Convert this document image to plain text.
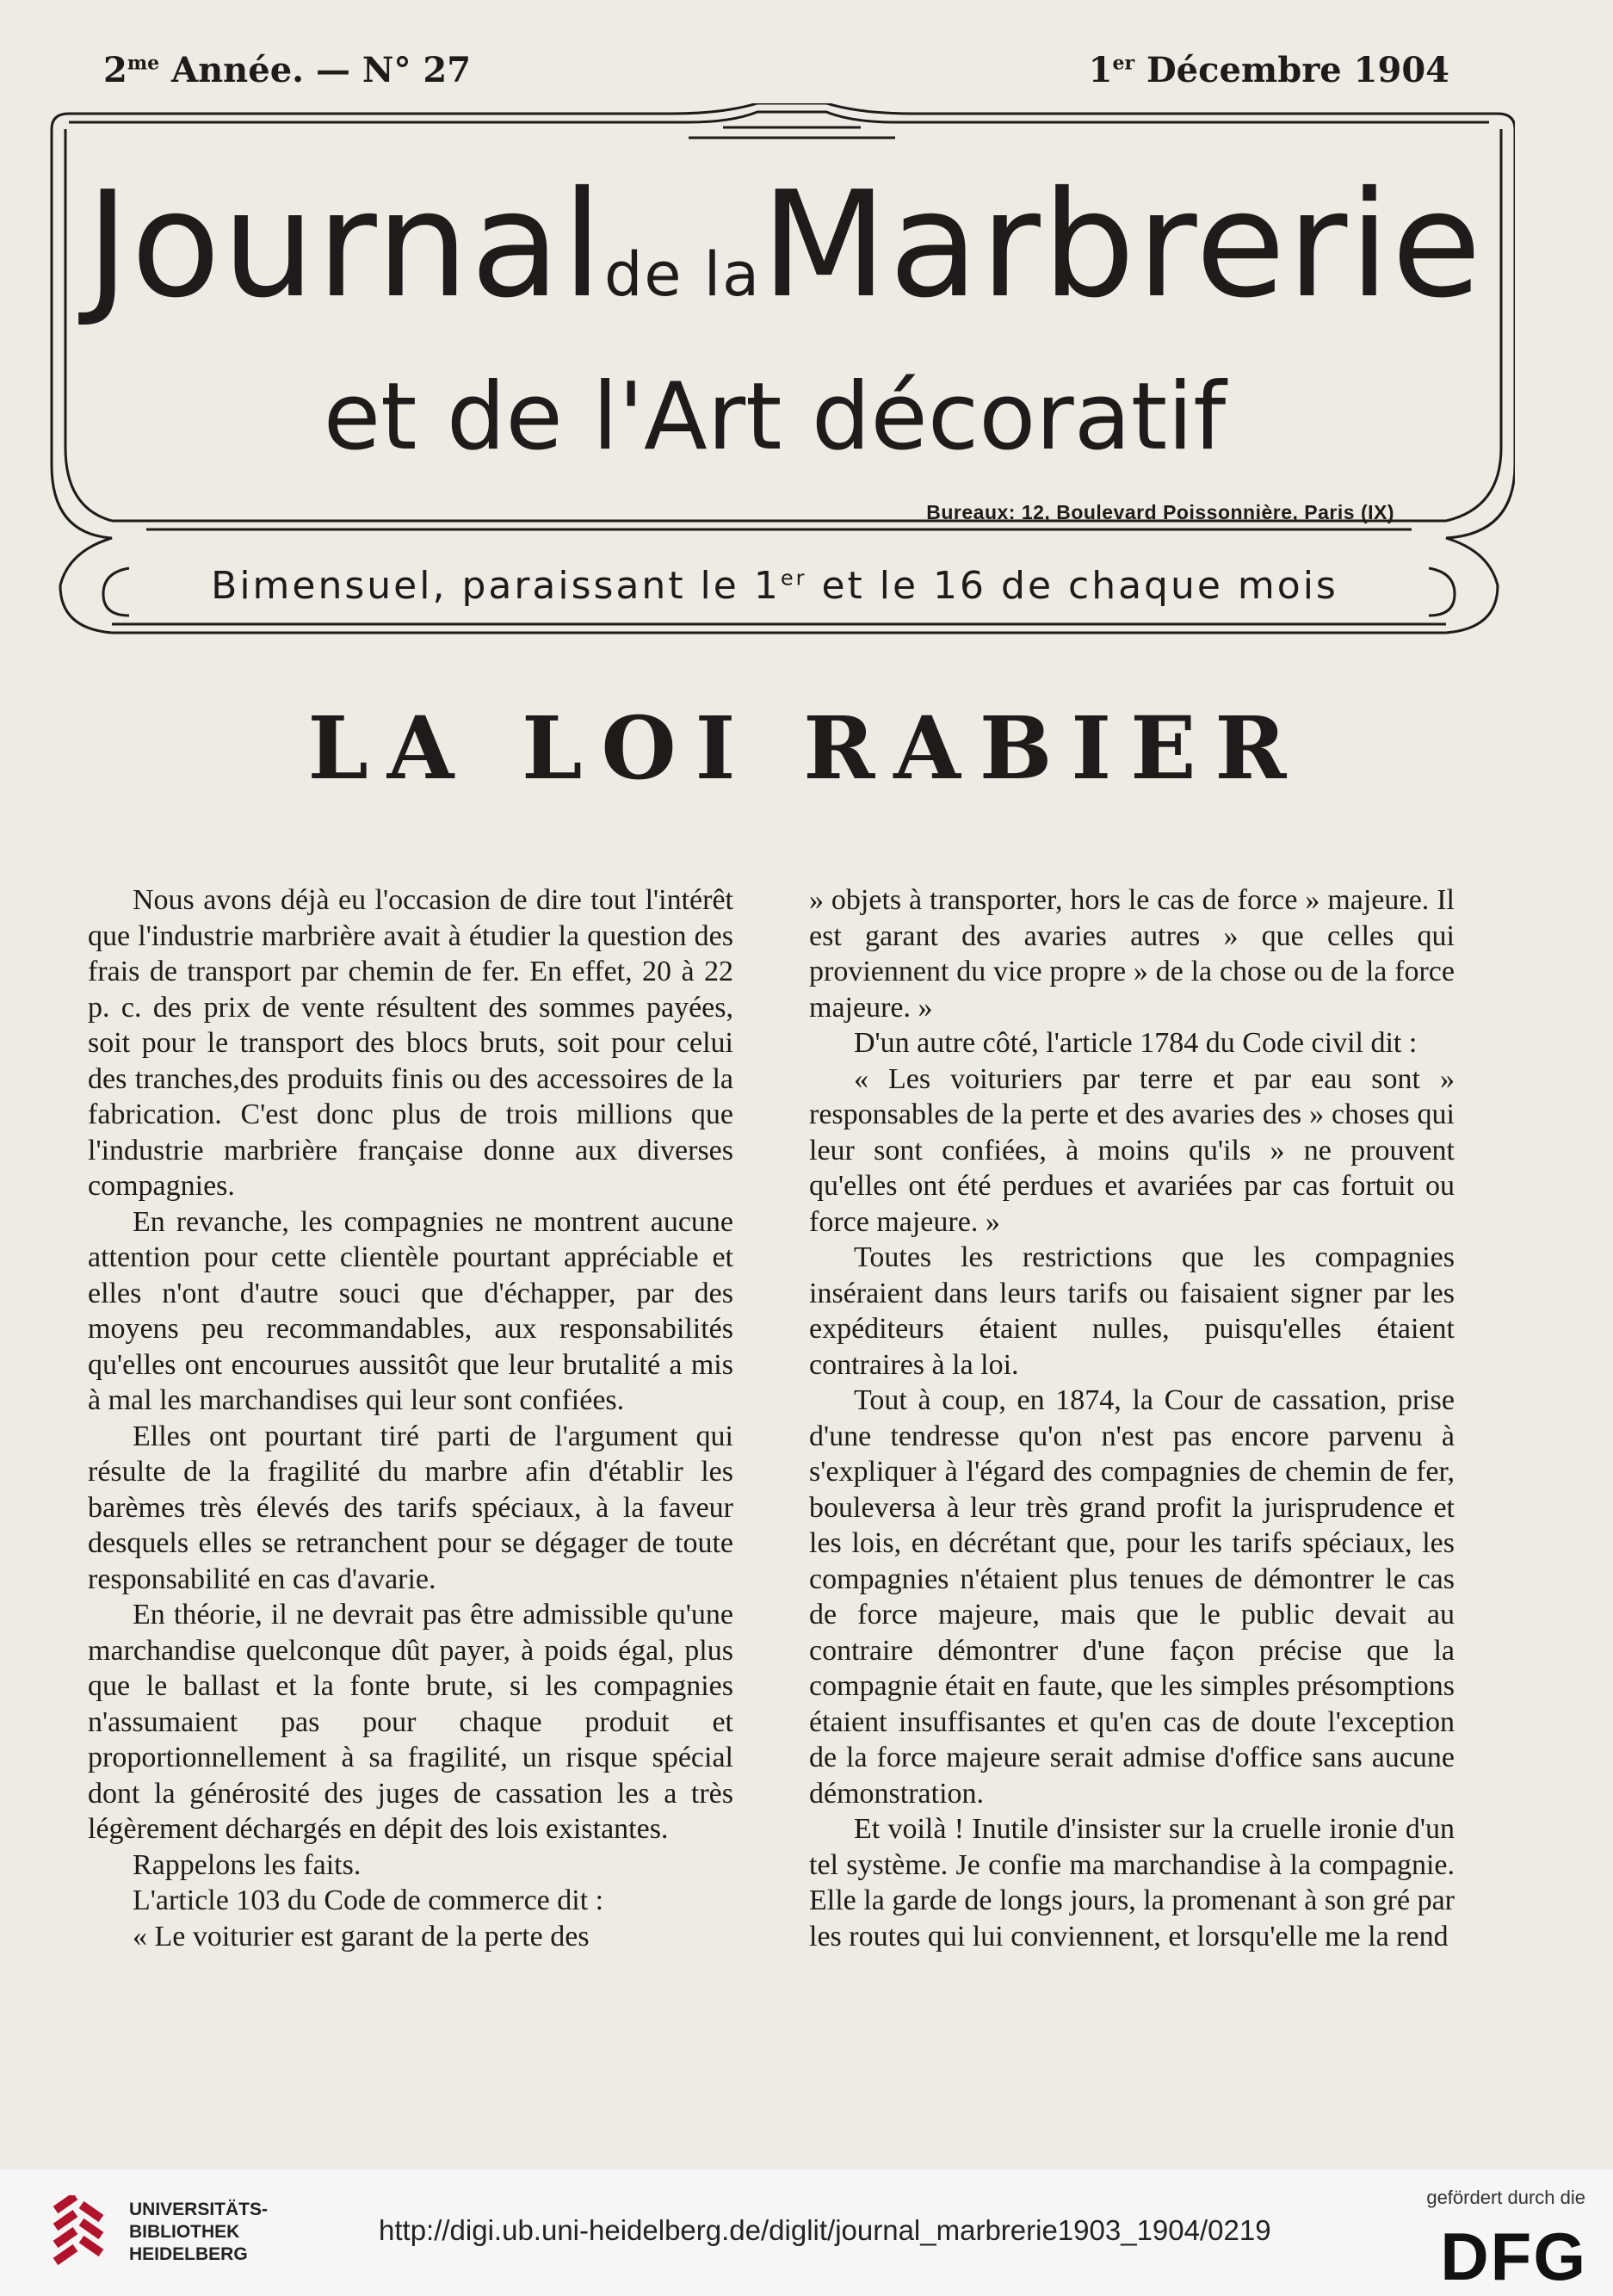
$2^{me}$ Année. — N° 27	1er Décembre 1904
Journalde laMarbrerie
et de l'Art décoratif
Bureaux: 12, Boulevard Poissonnière, Paris (IX)
Bimensuel, paraissant le 1er et le 16 de chaque mois
LA LOI RABIER

Nous avons déjà eu l'occasion de dire tout l'intérêt que l'industrie marbrière avait à étudier la question des frais de transport par chemin de fer. En effet, 20 à 22 p. c. des prix de vente résultent des sommes payées, soit pour le transport des blocs bruts, soit pour celui des tranches,des produits finis ou des accessoires de la fabrication. C'est donc plus de trois millions que l'industrie marbrière française donne aux diverses compagnies.

En revanche, les compagnies ne montrent aucune attention pour cette clientèle pourtant appréciable et elles n'ont d'autre souci que d'échapper, par des moyens peu recommandables, aux responsabilités qu'elles ont encourues aussitôt que leur brutalité a mis à mal les marchandises qui leur sont confiées.

Elles ont pourtant tiré parti de l'argument qui résulte de la fragilité du marbre afin d'établir les barèmes très élevés des tarifs spéciaux, à la faveur desquels elles se retranchent pour se dégager de toute responsabilité en cas d'avarie.

En théorie, il ne devrait pas être admissible qu'une marchandise quelconque dût payer, à poids égal, plus que le ballast et la fonte brute, si les compagnies n'assumaient pas pour chaque produit et proportionnellement à sa fragilité, un risque spécial dont la générosité des juges de cassation les a très légèrement déchargés en dépit des lois existantes.

Rappelons les faits.

L'article 103 du Code de commerce dit :

« Le voiturier est garant de la perte des

» objets à transporter, hors le cas de force » majeure. Il est garant des avaries autres » que celles qui proviennent du vice propre » de la chose ou de la force majeure. »

D'un autre côté, l'article 1784 du Code civil dit :

« Les voituriers par terre et par eau sont » responsables de la perte et des avaries des » choses qui leur sont confiées, à moins qu'ils » ne prouvent qu'elles ont été perdues et avariées par cas fortuit ou force majeure. »

Toutes les restrictions que les compagnies inséraient dans leurs tarifs ou faisaient signer par les expéditeurs étaient nulles, puisqu'elles étaient contraires à la loi.

Tout à coup, en 1874, la Cour de cassation, prise d'une tendresse qu'on n'est pas encore parvenu à s'expliquer à l'égard des compagnies de chemin de fer, bouleversa à leur très grand profit la jurisprudence et les lois, en décrétant que, pour les tarifs spéciaux, les compagnies n'étaient plus tenues de démontrer le cas de force majeure, mais que le public devait au contraire démontrer d'une façon précise que la compagnie était en faute, que les simples présomptions étaient insuffisantes et qu'en cas de doute l'exception de la force majeure serait admise d'office sans aucune démonstration.

Et voilà ! Inutile d'insister sur la cruelle ironie d'un tel système. Je confie ma marchandise à la compagnie. Elle la garde de longs jours, la promenant à son gré par les routes qui lui conviennent, et lorsqu'elle me la rend

UNIVERSITÄTS-
BIBLIOTHEK
HEIDELBERG
http://digi.ub.uni-heidelberg.de/diglit/journal_marbrerie1903_1904/0219
gefördert durch die
DFG
